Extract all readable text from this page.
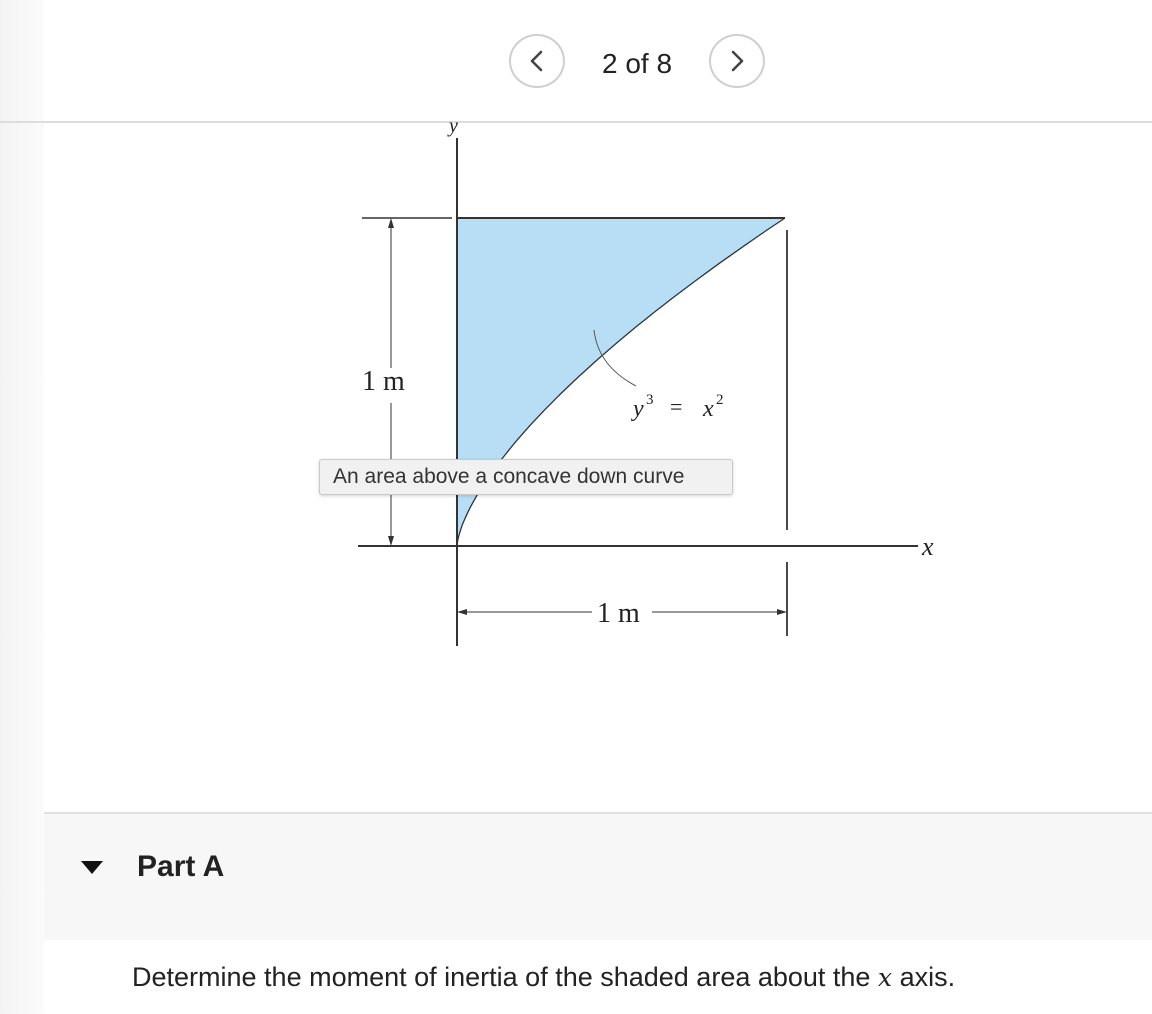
2 of 8
1 m
1 m
y 3 = x 2
y
x
An area above a concave down curve
Part A
Determine the moment of inertia of the shaded area about the x axis.
